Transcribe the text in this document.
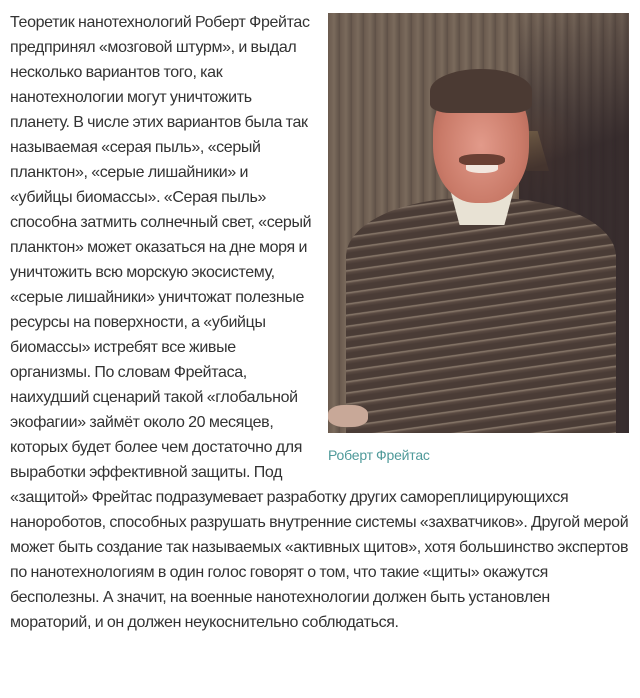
Роберт Фрейтас

Теоретик нанотехнологий Роберт Фрейтас предпринял «мозговой штурм», и выдал несколько вариантов того, как нанотехнологии могут уничтожить планету. В числе этих вариантов была так называемая «серая пыль», «серый планктон», «серые лишайники» и «убийцы биомассы». «Серая пыль» способна затмить солнечный свет, «серый планктон» может оказаться на дне моря и уничтожить всю морскую экосистему, «серые лишайники» уничтожат полезные ресурсы на поверхности, а «убийцы биомассы» истребят все живые организмы. По словам Фрейтаса, наихудший сценарий такой «глобальной экофагии» займёт около 20 месяцев, которых будет более чем достаточно для выработки эффективной защиты. Под «защитой» Фрейтас подразумевает разработку других самореплицирующихся нанороботов, способных разрушать внутренние системы «захватчиков». Другой мерой может быть создание так называемых «активных щитов», хотя большинство экспертов по нанотехнологиям в один голос говорят о том, что такие «щиты» окажутся бесполезны. А значит, на военные нанотехнологии должен быть установлен мораторий, и он должен неукоснительно соблюдаться.
